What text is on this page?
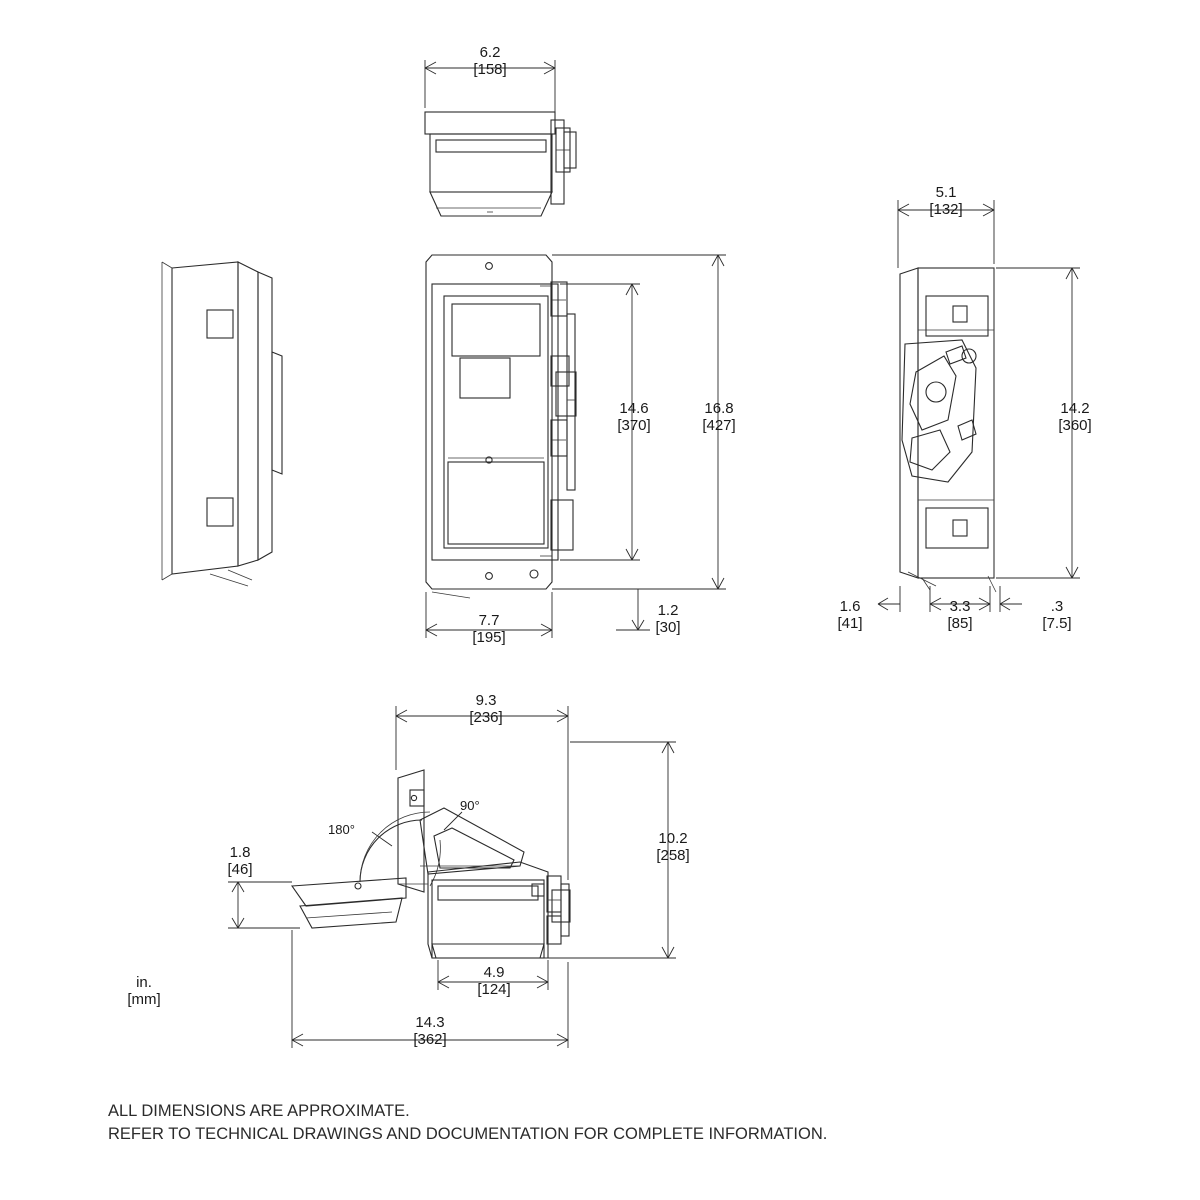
6.2
[158]
14.6
[370]
16.8
[427]
7.7
[195]
1.2
[30]
5.1
[132]
14.2
[360]
1.6
[41]
3.3
[85]
.3
[7.5]
9.3
[236]
10.2
[258]
1.8
[46]
4.9
[124]
14.3
[362]
90°
180°
in.
[mm]
ALL DIMENSIONS ARE APPROXIMATE.
REFER TO TECHNICAL DRAWINGS AND DOCUMENTATION FOR COMPLETE INFORMATION.
